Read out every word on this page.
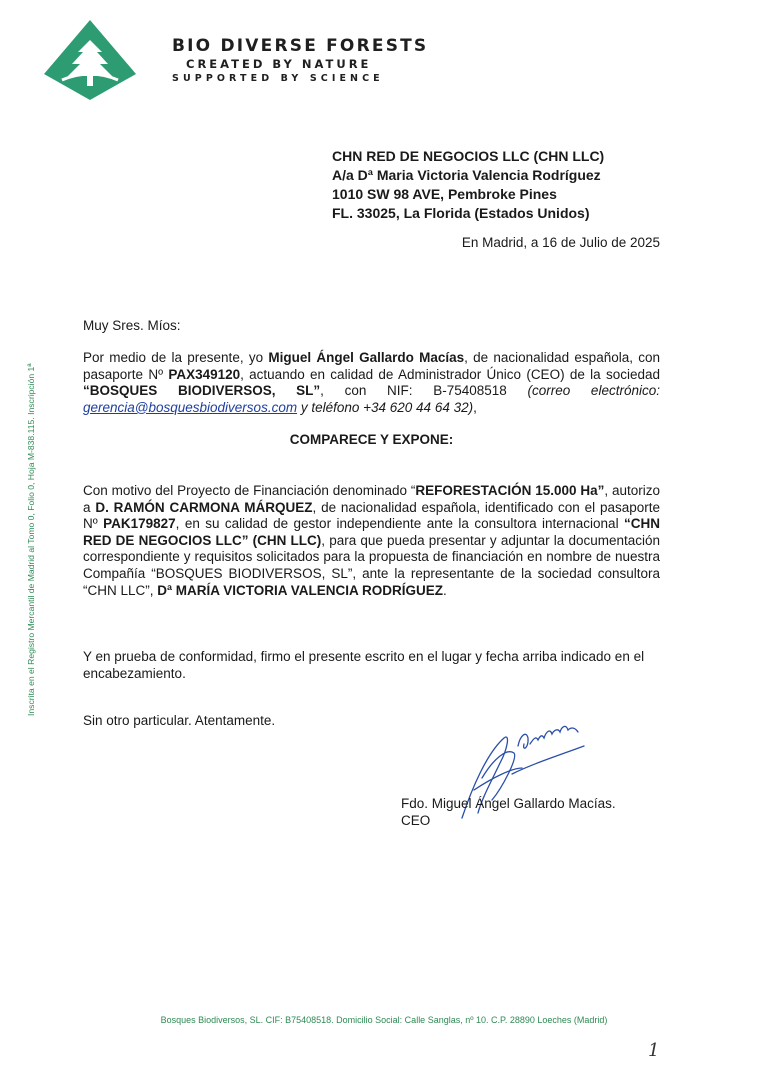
BIO DIVERSE FORESTS
CREATED BY NATURE
SUPPORTED BY SCIENCE
Inscrita en el Registro Mercantil de Madrid al Tomo 0, Folio 0, Hoja M-838.115. Inscripción 1ª
CHN RED DE NEGOCIOS LLC (CHN LLC)
A/a Dª Maria Victoria Valencia Rodríguez
1010 SW 98 AVE, Pembroke Pines
FL. 33025, La Florida (Estados Unidos)
En Madrid, a 16 de Julio de 2025
Muy Sres. Míos:
Por medio de la presente, yo Miguel Ángel Gallardo Macías, de nacionalidad española, con pasaporte Nº PAX349120, actuando en calidad de Administrador Único (CEO) de la sociedad “BOSQUES BIODIVERSOS, SL”, con NIF: B-75408518 (correo electrónico: gerencia@bosquesbiodiversos.com y teléfono +34 620 44 64 32),
COMPARECE Y EXPONE:
Con motivo del Proyecto de Financiación denominado “REFORESTACIÓN 15.000 Ha”, autorizo a D. RAMÓN CARMONA MÁRQUEZ, de nacionalidad española, identificado con el pasaporte Nº PAK179827, en su calidad de gestor independiente ante la consultora internacional “CHN RED DE NEGOCIOS LLC” (CHN LLC), para que pueda presentar y adjuntar la documentación correspondiente y requisitos solicitados para la propuesta de financiación en nombre de nuestra Compañía “BOSQUES BIODIVERSOS, SL”, ante la representante de la sociedad consultora “CHN LLC”, Dª MARÍA VICTORIA VALENCIA RODRÍGUEZ.
Y en prueba de conformidad, firmo el presente escrito en el lugar y fecha arriba indicado en el encabezamiento.
Sin otro particular. Atentamente.
Fdo. Miguel Ángel Gallardo Macías.
CEO
Bosques Biodiversos, SL. CIF: B75408518. Domicilio Social: Calle Sanglas, nº 10. C.P. 28890 Loeches (Madrid)
1
